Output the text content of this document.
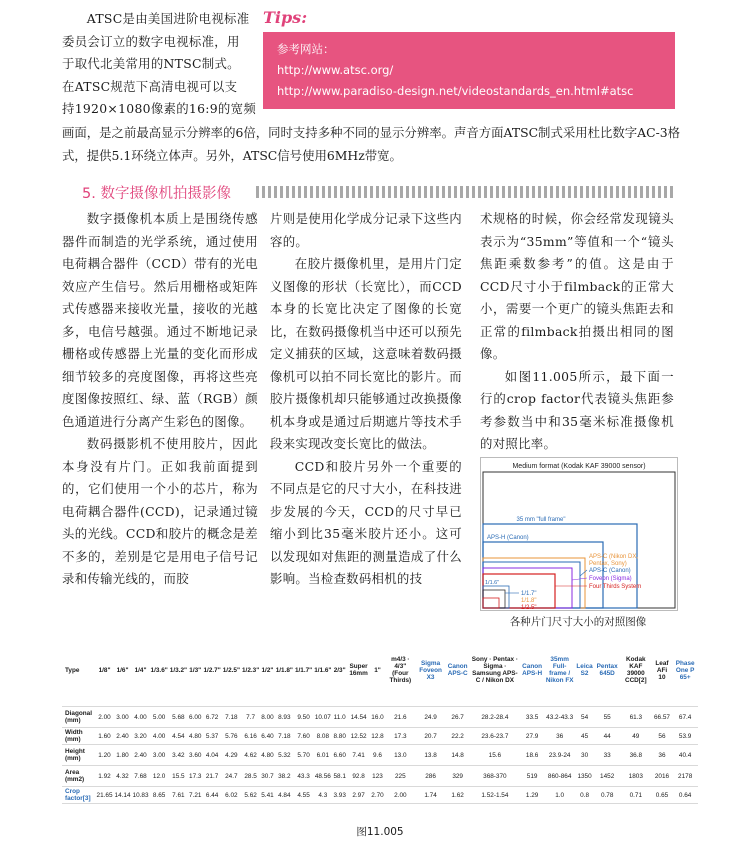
ATSC是由美国进阶电视标准
委员会订立的数字电视标准，用
于取代北美常用的NTSC制式。
在ATSC规范下高清电视可以支
持1920×1080像素的16:9的宽频
Tips:
参考网站：
http://www.atsc.org/
http://www.paradiso-design.net/videostandards_en.html#atsc
画面，是之前最高显示分辨率的6倍，同时支持多种不同的显示分辨率。声音方面ATSC制式采用杜比数字AC-3格
式，提供5.1环绕立体声。另外，ATSC信号使用6MHz带宽。
5. 数字摄像机拍摄影像
数字摄像机本质上是围绕传感器件而制造的光学系统，通过使用电荷耦合器件（CCD）带有的光电效应产生信号。然后用栅格或矩阵式传感器来接收光量，接收的光越多，电信号越强。通过不断地记录栅格或传感器上光量的变化而形成细节较多的亮度图像，再将这些亮度图像按照红、绿、蓝（RGB）颜色通道进行分离产生彩色的图像。
数码摄影机不使用胶片，因此本身没有片门。正如我前面提到的，它们使用一个小的芯片，称为电荷耦合器件(CCD)，记录通过镜头的光线。CCD和胶片的概念是差不多的，差别是它是用电子信号记录和传输光线的，而胶
片则是使用化学成分记录下这些内容的。
在胶片摄像机里，是用片门定义图像的形状（长宽比），而CCD本身的长宽比决定了图像的长宽比，在数码摄像机当中还可以预先定义捕获的区域，这意味着数码摄像机可以拍不同长宽比的影片。而胶片摄像机却只能够通过改换摄像机本身或是通过后期遮片等技术手段来实现改变长宽比的做法。
CCD和胶片另外一个重要的不同点是它的尺寸大小，在科技进步发展的今天，CCD的尺寸早已缩小到比35毫米胶片还小。这可以发现如对焦距的测量造成了什么影响。当检查数码相机的技
术规格的时候，你会经常发现镜头表示为“35mm”等值和一个“镜头焦距乘数参考”的值。这是由于CCD尺寸小于filmback的正常大小，需要一个更广的镜头焦距去和正常的filmback拍摄出相同的图像。
如图11.005所示，最下面一行的crop factor代表镜头焦距参考参数当中和35毫米标准摄像机的对照比率。
Medium format (Kodak KAF 39000 sensor)
35 mm "full frame"
APS-H (Canon)
APS-C (Nikon DX,
Pentax, Sony)
APS-C (Canon)
Foveon (Sigma)
Four Thirds System
1/1.6"
1/1.7"
1/1.8"
1/2.5"
各种片门尺寸大小的对照图像
Type	1/8"	1/6"	1/4"	1/3.6"	1/3.2"	1/3"	1/2.7"	1/2.5"	1/2.3"	1/2"	1/1.8"	1/1.7"	1/1.6"	2/3"	Super 16mm	1"	m4/3 · 4/3" (Four Thirds)	Sigma Foveon X3	Canon APS-C	Sony · Pentax · Sigma · Samsung APS-C / Nikon DX	Canon APS-H	35mm Full-frame / Nikon FX	Leica S2	Pentax 645D	Kodak KAF 39000 CCD[2]	Leaf AFi 10	Phase One P 65+
Diagonal (mm)	2.00	3.00	4.00	5.00	5.68	6.00	6.72	7.18	7.7	8.00	8.93	9.50	10.07	11.0	14.54	16.0	21.6	24.9	26.7	28.2-28.4	33.5	43.2-43.3	54	55	61.3	66.57	67.4
Width (mm)	1.60	2.40	3.20	4.00	4.54	4.80	5.37	5.76	6.16	6.40	7.18	7.60	8.08	8.80	12.52	12.8	17.3	20.7	22.2	23.6-23.7	27.9	36	45	44	49	56	53.9
Height (mm)	1.20	1.80	2.40	3.00	3.42	3.60	4.04	4.29	4.62	4.80	5.32	5.70	6.01	6.60	7.41	9.6	13.0	13.8	14.8	15.6	18.6	23.9-24	30	33	36.8	36	40.4
Area (mm2)	1.92	4.32	7.68	12.0	15.5	17.3	21.7	24.7	28.5	30.7	38.2	43.3	48.56	58.1	92.8	123	225	286	329	368-370	519	860-864	1350	1452	1803	2016	2178
Crop factor[3]	21.65	14.14	10.83	8.65	7.61	7.21	6.44	6.02	5.62	5.41	4.84	4.55	4.3	3.93	2.97	2.70	2.00	1.74	1.62	1.52-1.54	1.29	1.0	0.8	0.78	0.71	0.65	0.64
图11.005
